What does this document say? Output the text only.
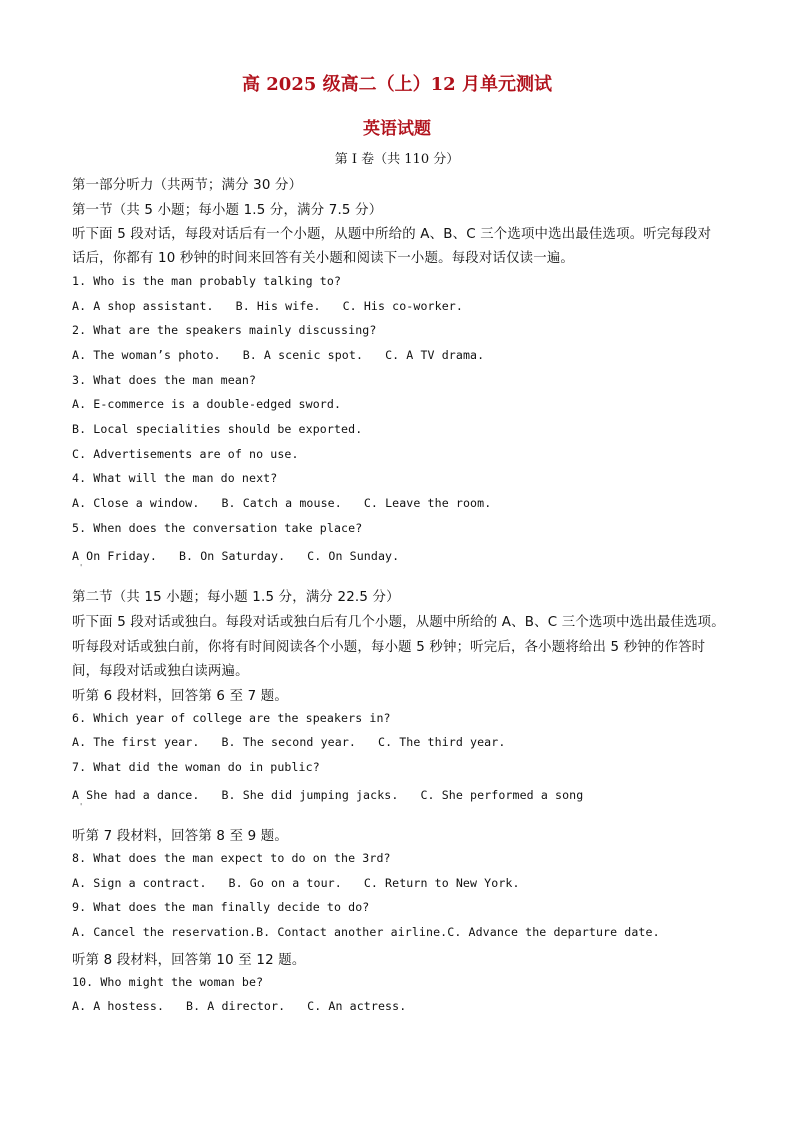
高 2025 级高二（上）12 月单元测试
英语试题
第 I 卷（共 110 分）
第一部分听力（共两节；满分 30 分）
第一节（共 5 小题；每小题 1.5 分，满分 7.5 分）
听下面 5 段对话，每段对话后有一个小题，从题中所给的 A、B、C 三个选项中选出最佳选项。听完每段对
话后，你都有 10 秒钟的时间来回答有关小题和阅读下一小题。每段对话仅读一遍。
1. Who is the man probably talking to?
A. A shop assistant. B. His wife. C. His co-worker.
2. What are the speakers mainly discussing?
A. The woman’s photo. B. A scenic spot. C. A TV drama.
3. What does the man mean?
A. E-commerce is a double-edged sword.
B. Local specialities should be exported.
C. Advertisements are of no use.
4. What will the man do next?
A. Close a window. B. Catch a mouse. C. Leave the room.
5. When does the conversation take place?
A On Friday. B. On Saturday. C. On Sunday.
'
第二节（共 15 小题；每小题 1.5 分，满分 22.5 分）
听下面 5 段对话或独白。每段对话或独白后有几个小题，从题中所给的 A、B、C 三个选项中选出最佳选项。
听每段对话或独白前，你将有时间阅读各个小题，每小题 5 秒钟；听完后，各小题将给出 5 秒钟的作答时
间，每段对话或独白读两遍。
听第 6 段材料，回答第 6 至 7 题。
6. Which year of college are the speakers in?
A. The first year. B. The second year. C. The third year.
7. What did the woman do in public?
A She had a dance. B. She did jumping jacks. C. She performed a song
'
听第 7 段材料，回答第 8 至 9 题。
8. What does the man expect to do on the 3rd?
A. Sign a contract. B. Go on a tour. C. Return to New York.
9. What does the man finally decide to do?
A. Cancel the reservation.B. Contact another airline.C. Advance the departure date.
听第 8 段材料，回答第 10 至 12 题。
10. Who might the woman be?
A. A hostess. B. A director. C. An actress.
